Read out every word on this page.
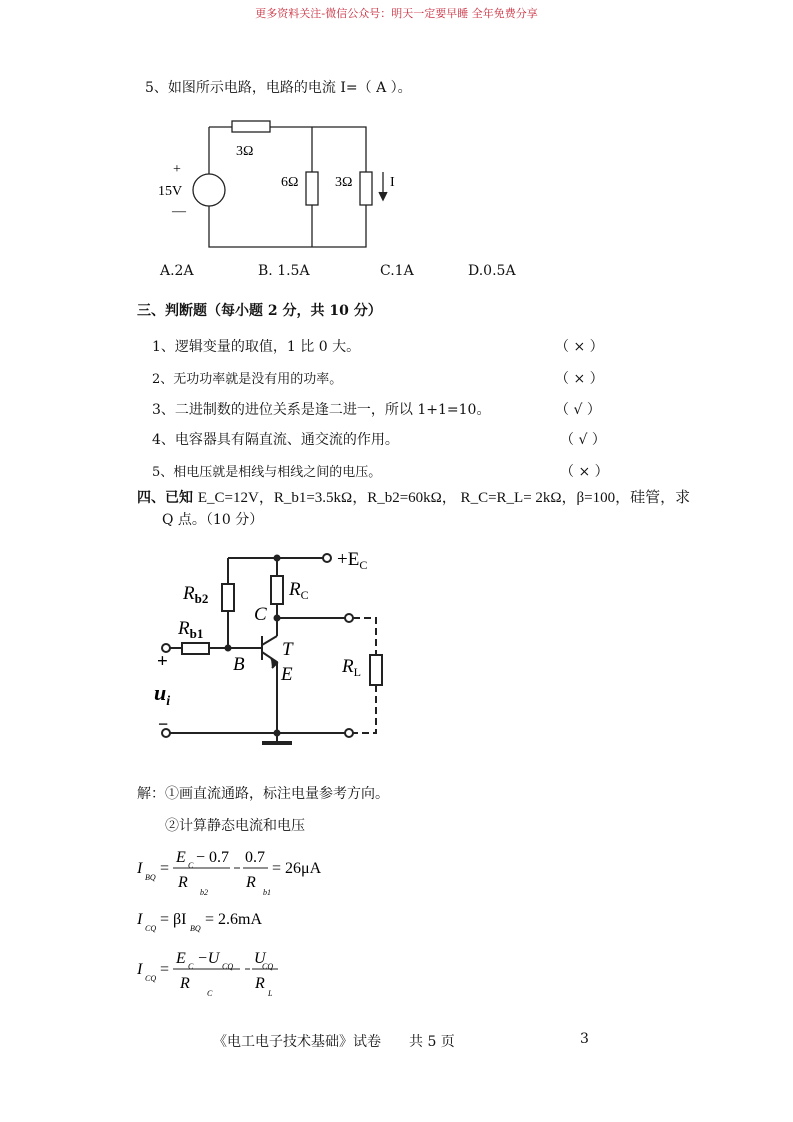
更多资料关注-微信公众号：明天一定要早睡 全年免费分享
5、如图所示电路，电路的电流 I=（ A ）。
3Ω
+
15V
—
6Ω	3Ω	I
$+E_C$
$R_{b2}$	$R_C$
C
$R_{b1}$
T
B E	$R_L$
+
$u_i$
−
I
BQ
=
E C − 0.7
R
b2
0.7
R
b1
= 26μA
I
CQ
= βI
BQ
= 2.6mA
I
CQ
=
E C −U CQ
R
C
U
CQ
R
L
A.2A	B. 1.5A	C.1A	D.0.5A
三、判断题（每小题 2 分，共 10 分）
1、逻辑变量的取值，1 比 0 大。	（ × ）
2、无功功率就是没有用的功率。	（ × ）
3、二进制数的进位关系是逢二进一，所以 1+1=10。	（ √ ）
4、电容器具有隔直流、通交流的作用。	（ √ ）
5、相电压就是相线与相线之间的电压。	（ × ）
四、已知 E_C=12V，R_b1=3.5kΩ，R_b2=60kΩ， R_C=R_L= 2kΩ，β=100，硅管，求
Q 点。（10 分）
解：①画直流通路，标注电量参考方向。
②计算静态电流和电压
《电工电子技术基础》试卷　　共 5 页	3
